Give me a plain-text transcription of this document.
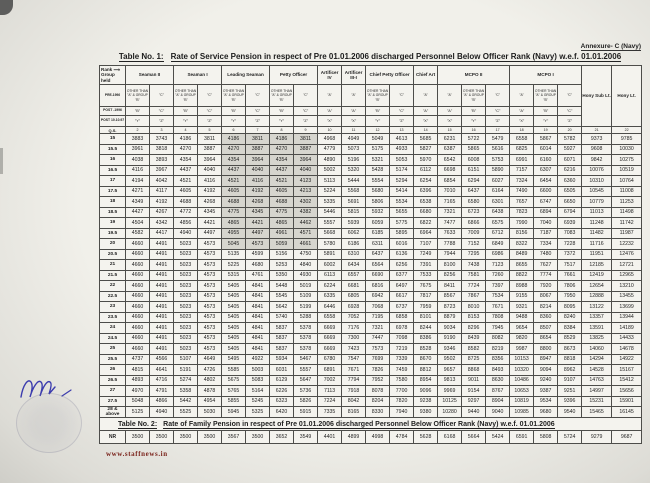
Annexure- C (Navy)
Table No. 1: Rate of Service Pension in respect of Pre 01.01.2006 discharged Personnel Below Officer Rank (Navy) w.e.f. 01.01.2006
Rank ⟶
Group held	Seaman II		Seaman I		Leading Seaman		Petty Officer		Artificer IV	Artificer III-I	Chief Petty Officer		Chief Art	MCPO II			MCPO I			Hony Sub Lt.	Hony Lt.
PRE-1996	OTHER THAN "A" & GROUP "B"	"C"	OTHER THAN "A" & GROUP "B"	"C"	OTHER THAN "A" & GROUP "B"	"C"	OTHER THAN "A" & GROUP "B"	"C"	"A"	"A"	OTHER THAN "A" & GROUP "B"	"C"	"A"	"A"	OTHER THAN "A" & GROUP "B"	"C"	"A"	OTHER THAN "A" & GROUP "B"	"C"		
POST -1996	"B"	"C"	"B"	"C"	"B"	"C"	"B"	"C"	"A"	"A"	"B"	"C"	"A"	"A"	"B"	"C"	"A"	"B"	"C"		
POST 10.10.97	"Y"	"Z"	"Y"	"Z"	"Y"	"Z"	"Y"	"Z"	"X"	"X"	"Y"	"Z"	"X"	"X"	"Y"	"Z"	"X"	"Y"	"Z"		
Q.S.	2	3	4	5	6	7	8	9	10	11	12	13	14	15	16	17	18	19	20	21	22
15	3883	3743	4186	3811	4186	3811	4186	3811	4968	4949	5049	4613	5685	6231	5722	5479	6558	5867	5782	9373	9785
15.5	3961	3818	4270	3887	4270	3887	4270	3887	4779	5073	5175	4933	5827	6387	5865	5616	6825	6014	5927	9608	10030
16	4038	3893	4354	3964	4354	3964	4354	3964	4890	5196	5321	5053	5970	6542	6008	5753	6991	6160	6071	9842	10275
16.5	4116	3967	4437	4040	4437	4040	4437	4040	5002	5320	5428	5174	6112	6698	6151	5890	7157	6307	6216	10076	10519
17	4194	4042	4521	4116	4521	4116	4521	4123	5113	5444	5554	5294	6254	6854	6294	6027	7324	6454	6360	10310	10764
17.5	4271	4117	4605	4192	4605	4192	4605	4213	5224	5568	5680	5414	6396	7010	6437	6164	7490	6600	6505	10545	11008
18	4349	4192	4688	4268	4688	4268	4688	4302	5335	5691	5806	5534	6538	7165	6580	6301	7657	6747	6650	10779	11253
18.5	4427	4267	4772	4345	4775	4345	4775	4382	5446	5815	5932	5655	6680	7321	6723	6438	7823	6894	6794	11013	11498
19	4504	4342	4856	4421	4865	4421	4865	4462	5557	5939	6059	5775	6822	7477	6866	6575	7990	7040	6939	11248	11742
19.5	4582	4417	4940	4497	4955	4497	4961	4571	5668	6062	6185	5895	6964	7633	7009	6712	8156	7187	7083	11482	11987
20	4660	4491	5023	4573	5045	4573	5059	4661	5780	6186	6311	6016	7107	7788	7152	6849	8322	7334	7228	11716	12232
20.5	4660	4491	5023	4573	5135	4599	5156	4750	5891	6310	6437	6136	7249	7944	7295	6986	8489	7480	7372	11951	12476
21	4660	4491	5023	4573	5225	4680	5253	4840	6002	6434	6564	6256	7391	8100	7438	7123	8655	7627	7517	12185	12721
21.5	4660	4491	5023	4573	5315	4761	5350	4930	6113	6557	6690	6377	7533	8256	7581	7260	8822	7774	7661	12419	12965
22	4660	4491	5023	4573	5405	4841	5448	5019	6224	6681	6816	6497	7675	8411	7724	7397	8988	7920	7806	12654	13210
22.5	4660	4491	5023	4573	5405	4841	5545	5109	6335	6805	6942	6617	7817	8567	7867	7534	9155	8067	7950	12888	13455
23	4660	4491	5023	4573	5405	4841	5642	5199	6446	6928	7068	6737	7959	8723	8010	7671	9321	8214	8095	13122	13699
23.5	4660	4491	5023	4573	5405	4841	5740	5288	6558	7052	7195	6858	8101	8879	8153	7808	9488	8360	8240	13357	13944
24	4660	4491	5023	4573	5405	4841	5837	5378	6669	7176	7321	6978	8244	9034	8296	7945	9654	8507	8384	13591	14189
24.5	4660	4491	5023	4573	5405	4841	5837	5378	6669	7300	7447	7098	8386	9190	8439	8082	9820	8654	8529	13825	14433
25	4660	4491	5023	4573	5405	4841	5837	5378	6669	7423	7573	7219	8528	9346	8582	8219	9987	8800	8673	14060	14678
25.5	4737	4566	5107	4649	5495	4922	5934	5467	6780	7547	7699	7339	8670	9502	8725	8356	10153	8947	8818	14294	14922
26	4815	4641	5191	4726	5585	5003	6031	5557	6891	7671	7826	7459	8812	9657	8868	8493	10320	9094	8962	14528	15167
26.5	4893	4716	5274	4802	5675	5083	6129	5647	7002	7794	7952	7580	8954	9813	9011	8630	10486	9240	9107	14763	15412
27	4970	4791	5358	4878	5765	5164	6226	5736	7113	7918	8078	7700	9096	9969	9154	8767	10653	9387	9251	14997	15656
27.5	5048	4866	5442	4954	5855	5245	6323	5826	7224	8042	8204	7820	9238	10125	9297	8904	10819	9534	9396	15231	15901
28 & above	5125	4940	5525	5030	5945	5325	6420	5915	7335	8165	8330	7940	9380	10280	9440	9040	10985	9680	9540	15465	16145
Table No. 2: Rate of Family Pension in respect of Pre 01.01.2006 discharged Personnel Below Officer Rank (Navy) w.e.f. 01.01.2006																					
NR	3500	3500	3500	3500	3567	3500	3652	3549	4401	4899	4998	4784	5628	6168	5664	5424	6591	5808	5724	9279	9687
www.staffnews.in
